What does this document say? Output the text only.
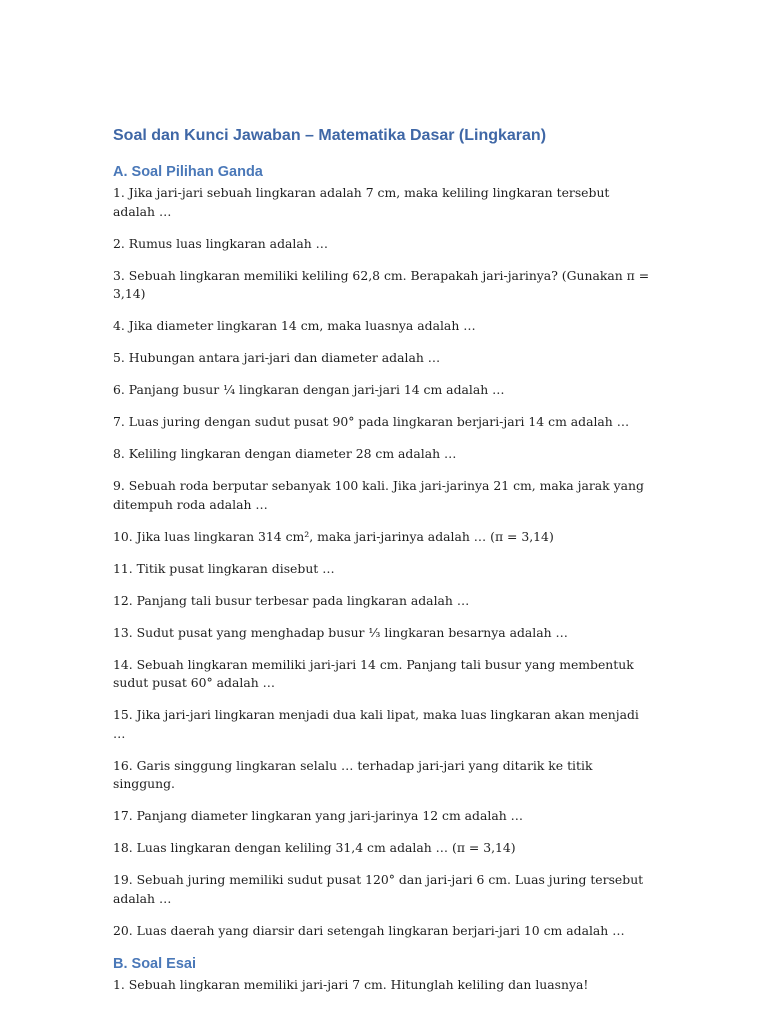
Soal dan Kunci Jawaban – Matematika Dasar (Lingkaran)
A. Soal Pilihan Ganda
1. Jika jari-jari sebuah lingkaran adalah 7 cm, maka keliling lingkaran tersebut adalah …
2. Rumus luas lingkaran adalah …
3. Sebuah lingkaran memiliki keliling 62,8 cm. Berapakah jari-jarinya? (Gunakan π = 3,14)
4. Jika diameter lingkaran 14 cm, maka luasnya adalah …
5. Hubungan antara jari-jari dan diameter adalah …
6. Panjang busur ¼ lingkaran dengan jari-jari 14 cm adalah …
7. Luas juring dengan sudut pusat 90° pada lingkaran berjari-jari 14 cm adalah …
8. Keliling lingkaran dengan diameter 28 cm adalah …
9. Sebuah roda berputar sebanyak 100 kali. Jika jari-jarinya 21 cm, maka jarak yang ditempuh roda adalah …
10. Jika luas lingkaran 314 cm², maka jari-jarinya adalah … (π = 3,14)
11. Titik pusat lingkaran disebut …
12. Panjang tali busur terbesar pada lingkaran adalah …
13. Sudut pusat yang menghadap busur ⅓ lingkaran besarnya adalah …
14. Sebuah lingkaran memiliki jari-jari 14 cm. Panjang tali busur yang membentuk sudut pusat 60° adalah …
15. Jika jari-jari lingkaran menjadi dua kali lipat, maka luas lingkaran akan menjadi …
16. Garis singgung lingkaran selalu … terhadap jari-jari yang ditarik ke titik singgung.
17. Panjang diameter lingkaran yang jari-jarinya 12 cm adalah …
18. Luas lingkaran dengan keliling 31,4 cm adalah … (π = 3,14)
19. Sebuah juring memiliki sudut pusat 120° dan jari-jari 6 cm. Luas juring tersebut adalah …
20. Luas daerah yang diarsir dari setengah lingkaran berjari-jari 10 cm adalah …
B. Soal Esai
1. Sebuah lingkaran memiliki jari-jari 7 cm. Hitunglah keliling dan luasnya!
